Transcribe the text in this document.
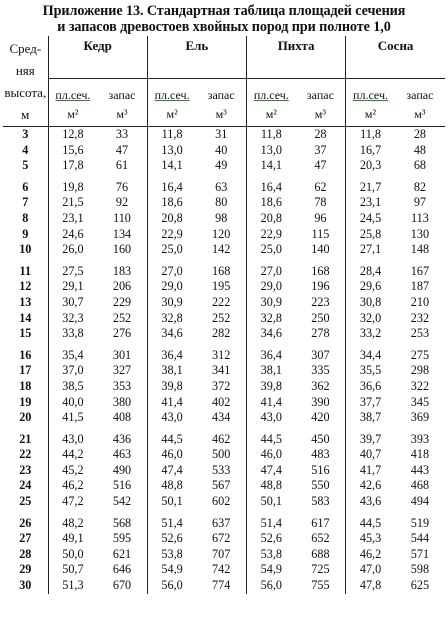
Приложение 13. Стандартная таблица площадей сечения
и запасов древостоев хвойных пород при полноте 1,0
Сред-
няя
высота,
м	Кедр		Ель		Пихта		Сосна	
	пл.сеч.	запас	пл.сеч.	запас	пл.сеч.	запас	пл.сеч.	запас
	м²	м³	м²	м³	м²	м³	м²	м³
3	12,8	33	11,8	31	11,8	28	11,8	28
4	15,6	47	13,0	40	13,0	37	16,7	48
5	17,8	61	14,1	49	14,1	47	20,3	68

6	19,8	76	16,4	63	16,4	62	21,7	82
7	21,5	92	18,6	80	18,6	78	23,1	97
8	23,1	110	20,8	98	20,8	96	24,5	113
9	24,6	134	22,9	120	22,9	115	25,8	130
10	26,0	160	25,0	142	25,0	140	27,1	148

11	27,5	183	27,0	168	27,0	168	28,4	167
12	29,1	206	29,0	195	29,0	196	29,6	187
13	30,7	229	30,9	222	30,9	223	30,8	210
14	32,3	252	32,8	252	32,8	250	32,0	232
15	33,8	276	34,6	282	34,6	278	33,2	253

16	35,4	301	36,4	312	36,4	307	34,4	275
17	37,0	327	38,1	341	38,1	335	35,5	298
18	38,5	353	39,8	372	39,8	362	36,6	322
19	40,0	380	41,4	402	41,4	390	37,7	345
20	41,5	408	43,0	434	43,0	420	38,7	369

21	43,0	436	44,5	462	44,5	450	39,7	393
22	44,2	463	46,0	500	46,0	483	40,7	418
23	45,2	490	47,4	533	47,4	516	41,7	443
24	46,2	516	48,8	567	48,8	550	42,6	468
25	47,2	542	50,1	602	50,1	583	43,6	494

26	48,2	568	51,4	637	51,4	617	44,5	519
27	49,1	595	52,6	672	52,6	652	45,3	544
28	50,0	621	53,8	707	53,8	688	46,2	571
29	50,7	646	54,9	742	54,9	725	47,0	598
30	51,3	670	56,0	774	56,0	755	47,8	625
